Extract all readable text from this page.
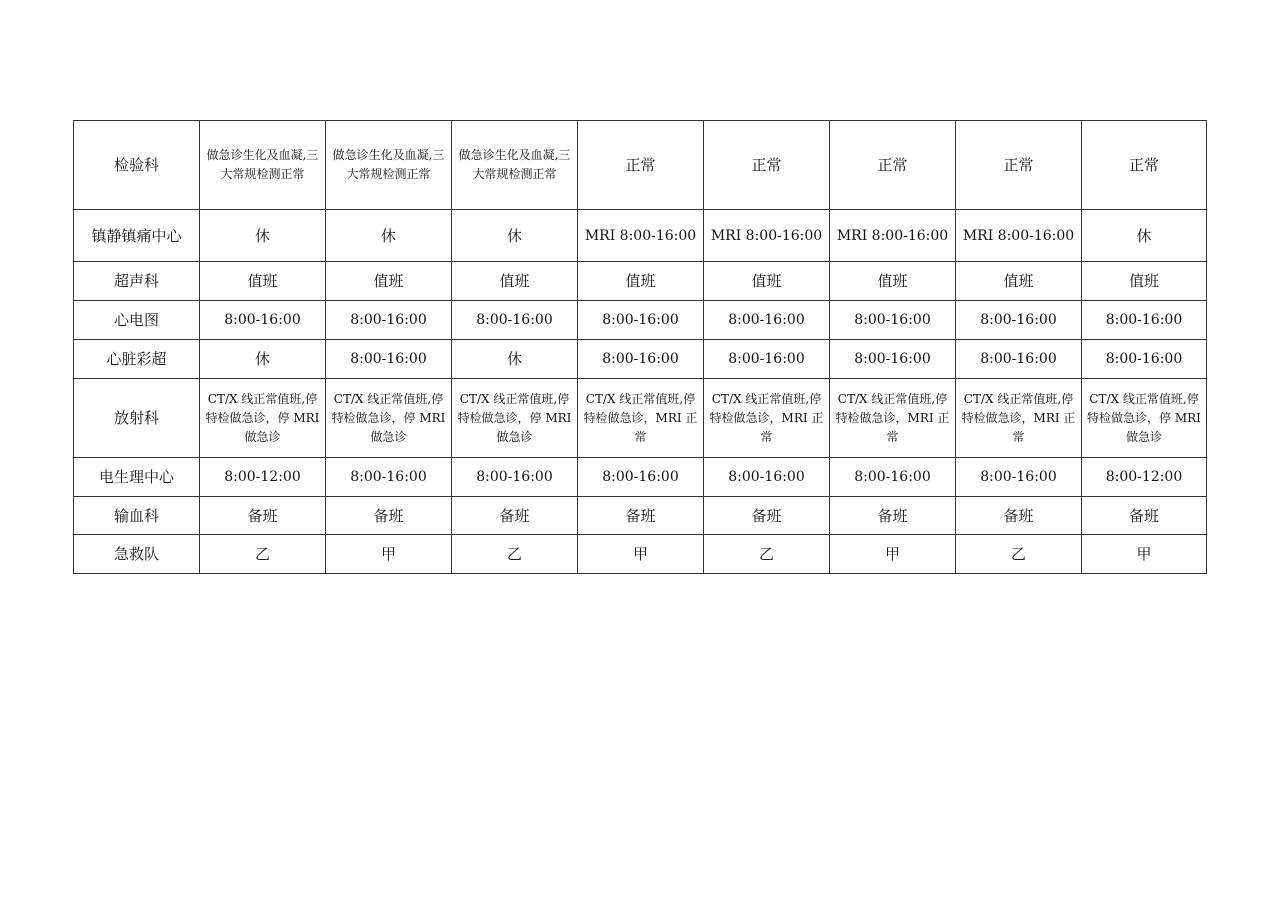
检验科	做急诊生化及血凝,三大常规检测正常	做急诊生化及血凝,三大常规检测正常	做急诊生化及血凝,三大常规检测正常	正常	正常	正常	正常	正常
镇静镇痛中心	休	休	休	MRI 8:00-16:00	MRI 8:00-16:00	MRI 8:00-16:00	MRI 8:00-16:00	休
超声科	值班	值班	值班	值班	值班	值班	值班	值班
心电图	8:00-16:00	8:00-16:00	8:00-16:00	8:00-16:00	8:00-16:00	8:00-16:00	8:00-16:00	8:00-16:00
心脏彩超	休	8:00-16:00	休	8:00-16:00	8:00-16:00	8:00-16:00	8:00-16:00	8:00-16:00
放射科	CT/X 线正常值班,停特检做急诊，停 MRI 做急诊	CT/X 线正常值班,停特检做急诊，停 MRI 做急诊	CT/X 线正常值班,停特检做急诊，停 MRI 做急诊	CT/X 线正常值班,停特检做急诊，MRI 正常	CT/X 线正常值班,停特检做急诊，MRI 正常	CT/X 线正常值班,停特检做急诊，MRI 正常	CT/X 线正常值班,停特检做急诊，MRI 正常	CT/X 线正常值班,停特检做急诊，停 MRI 做急诊
电生理中心	8:00-12:00	8:00-16:00	8:00-16:00	8:00-16:00	8:00-16:00	8:00-16:00	8:00-16:00	8:00-12:00
输血科	备班	备班	备班	备班	备班	备班	备班	备班
急救队	乙	甲	乙	甲	乙	甲	乙	甲
